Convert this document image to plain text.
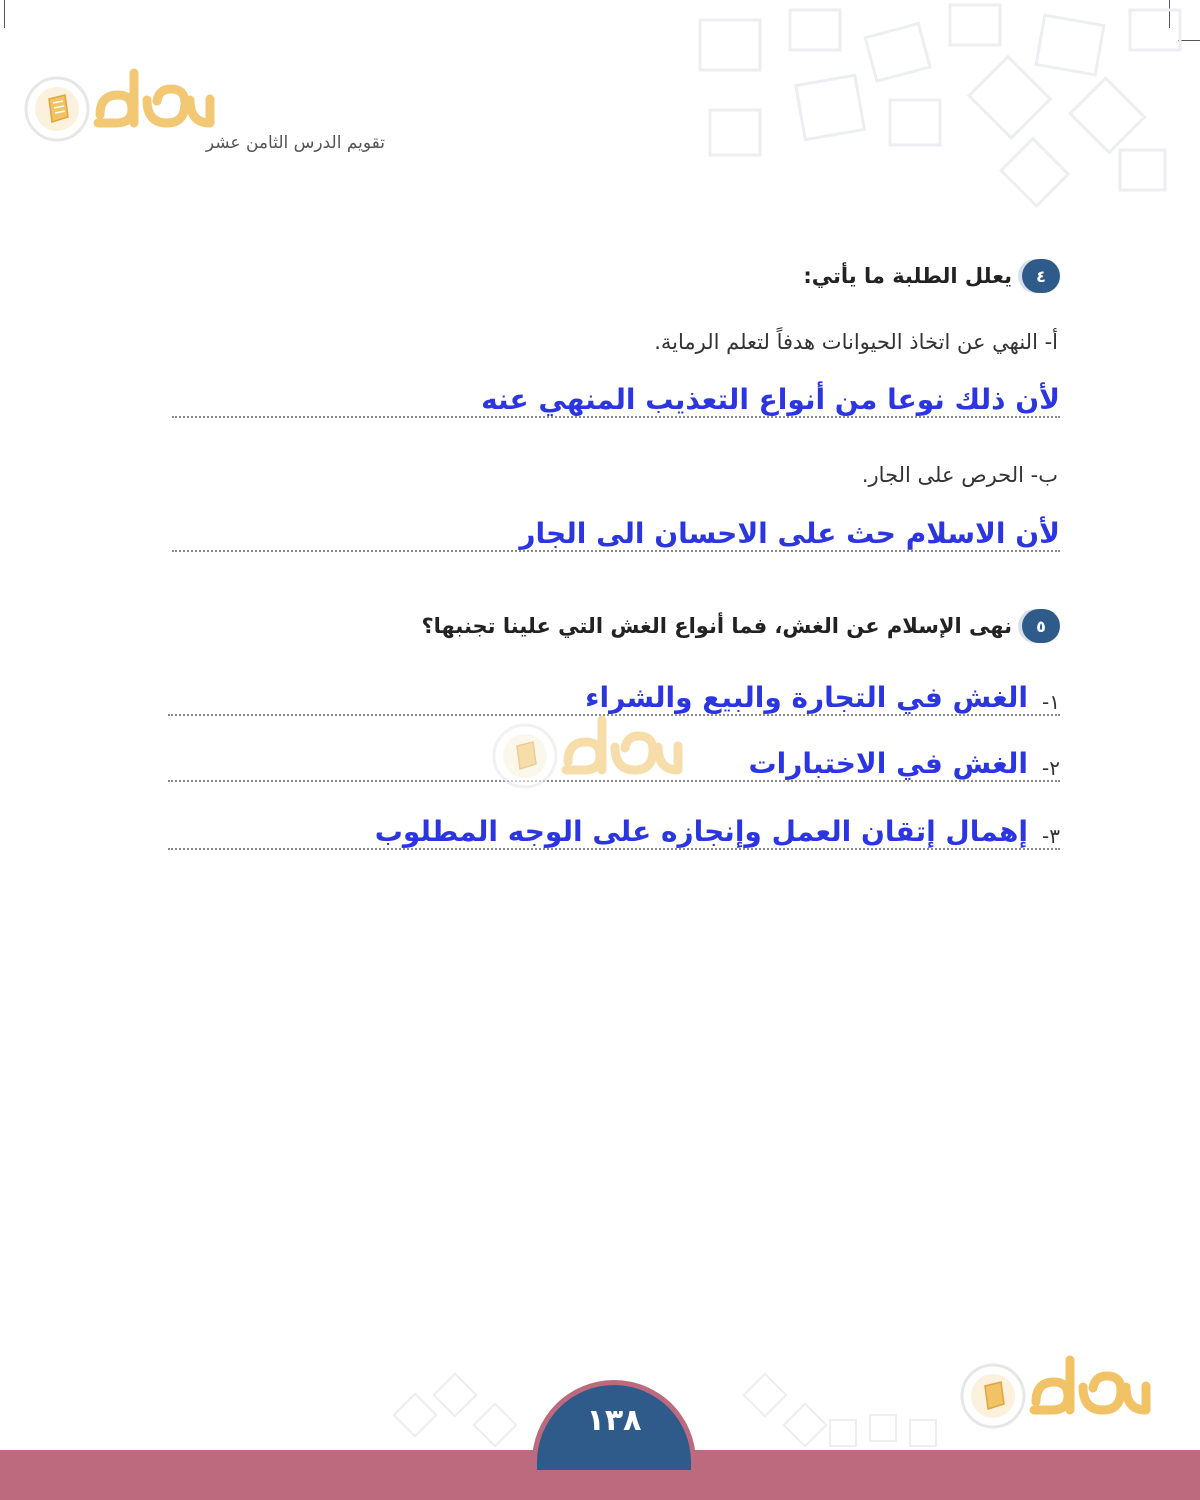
تقويم الدرس الثامن عشر
٤
يعلل الطلبة ما يأتي:
أ- النهي عن اتخاذ الحيوانات هدفاً لتعلم الرماية.
لأن ذلك نوعا من أنواع التعذيب المنهي عنه
ب- الحرص على الجار.
لأن الاسلام حث على الاحسان الى الجار
٥
نهى الإسلام عن الغش، فما أنواع الغش التي علينا تجنبها؟
١-
الغش في التجارة والبيع والشراء
٢-
الغش في الاختبارات
٣-
إهمال إتقان العمل وإنجازه على الوجه المطلوب
١٣٨
